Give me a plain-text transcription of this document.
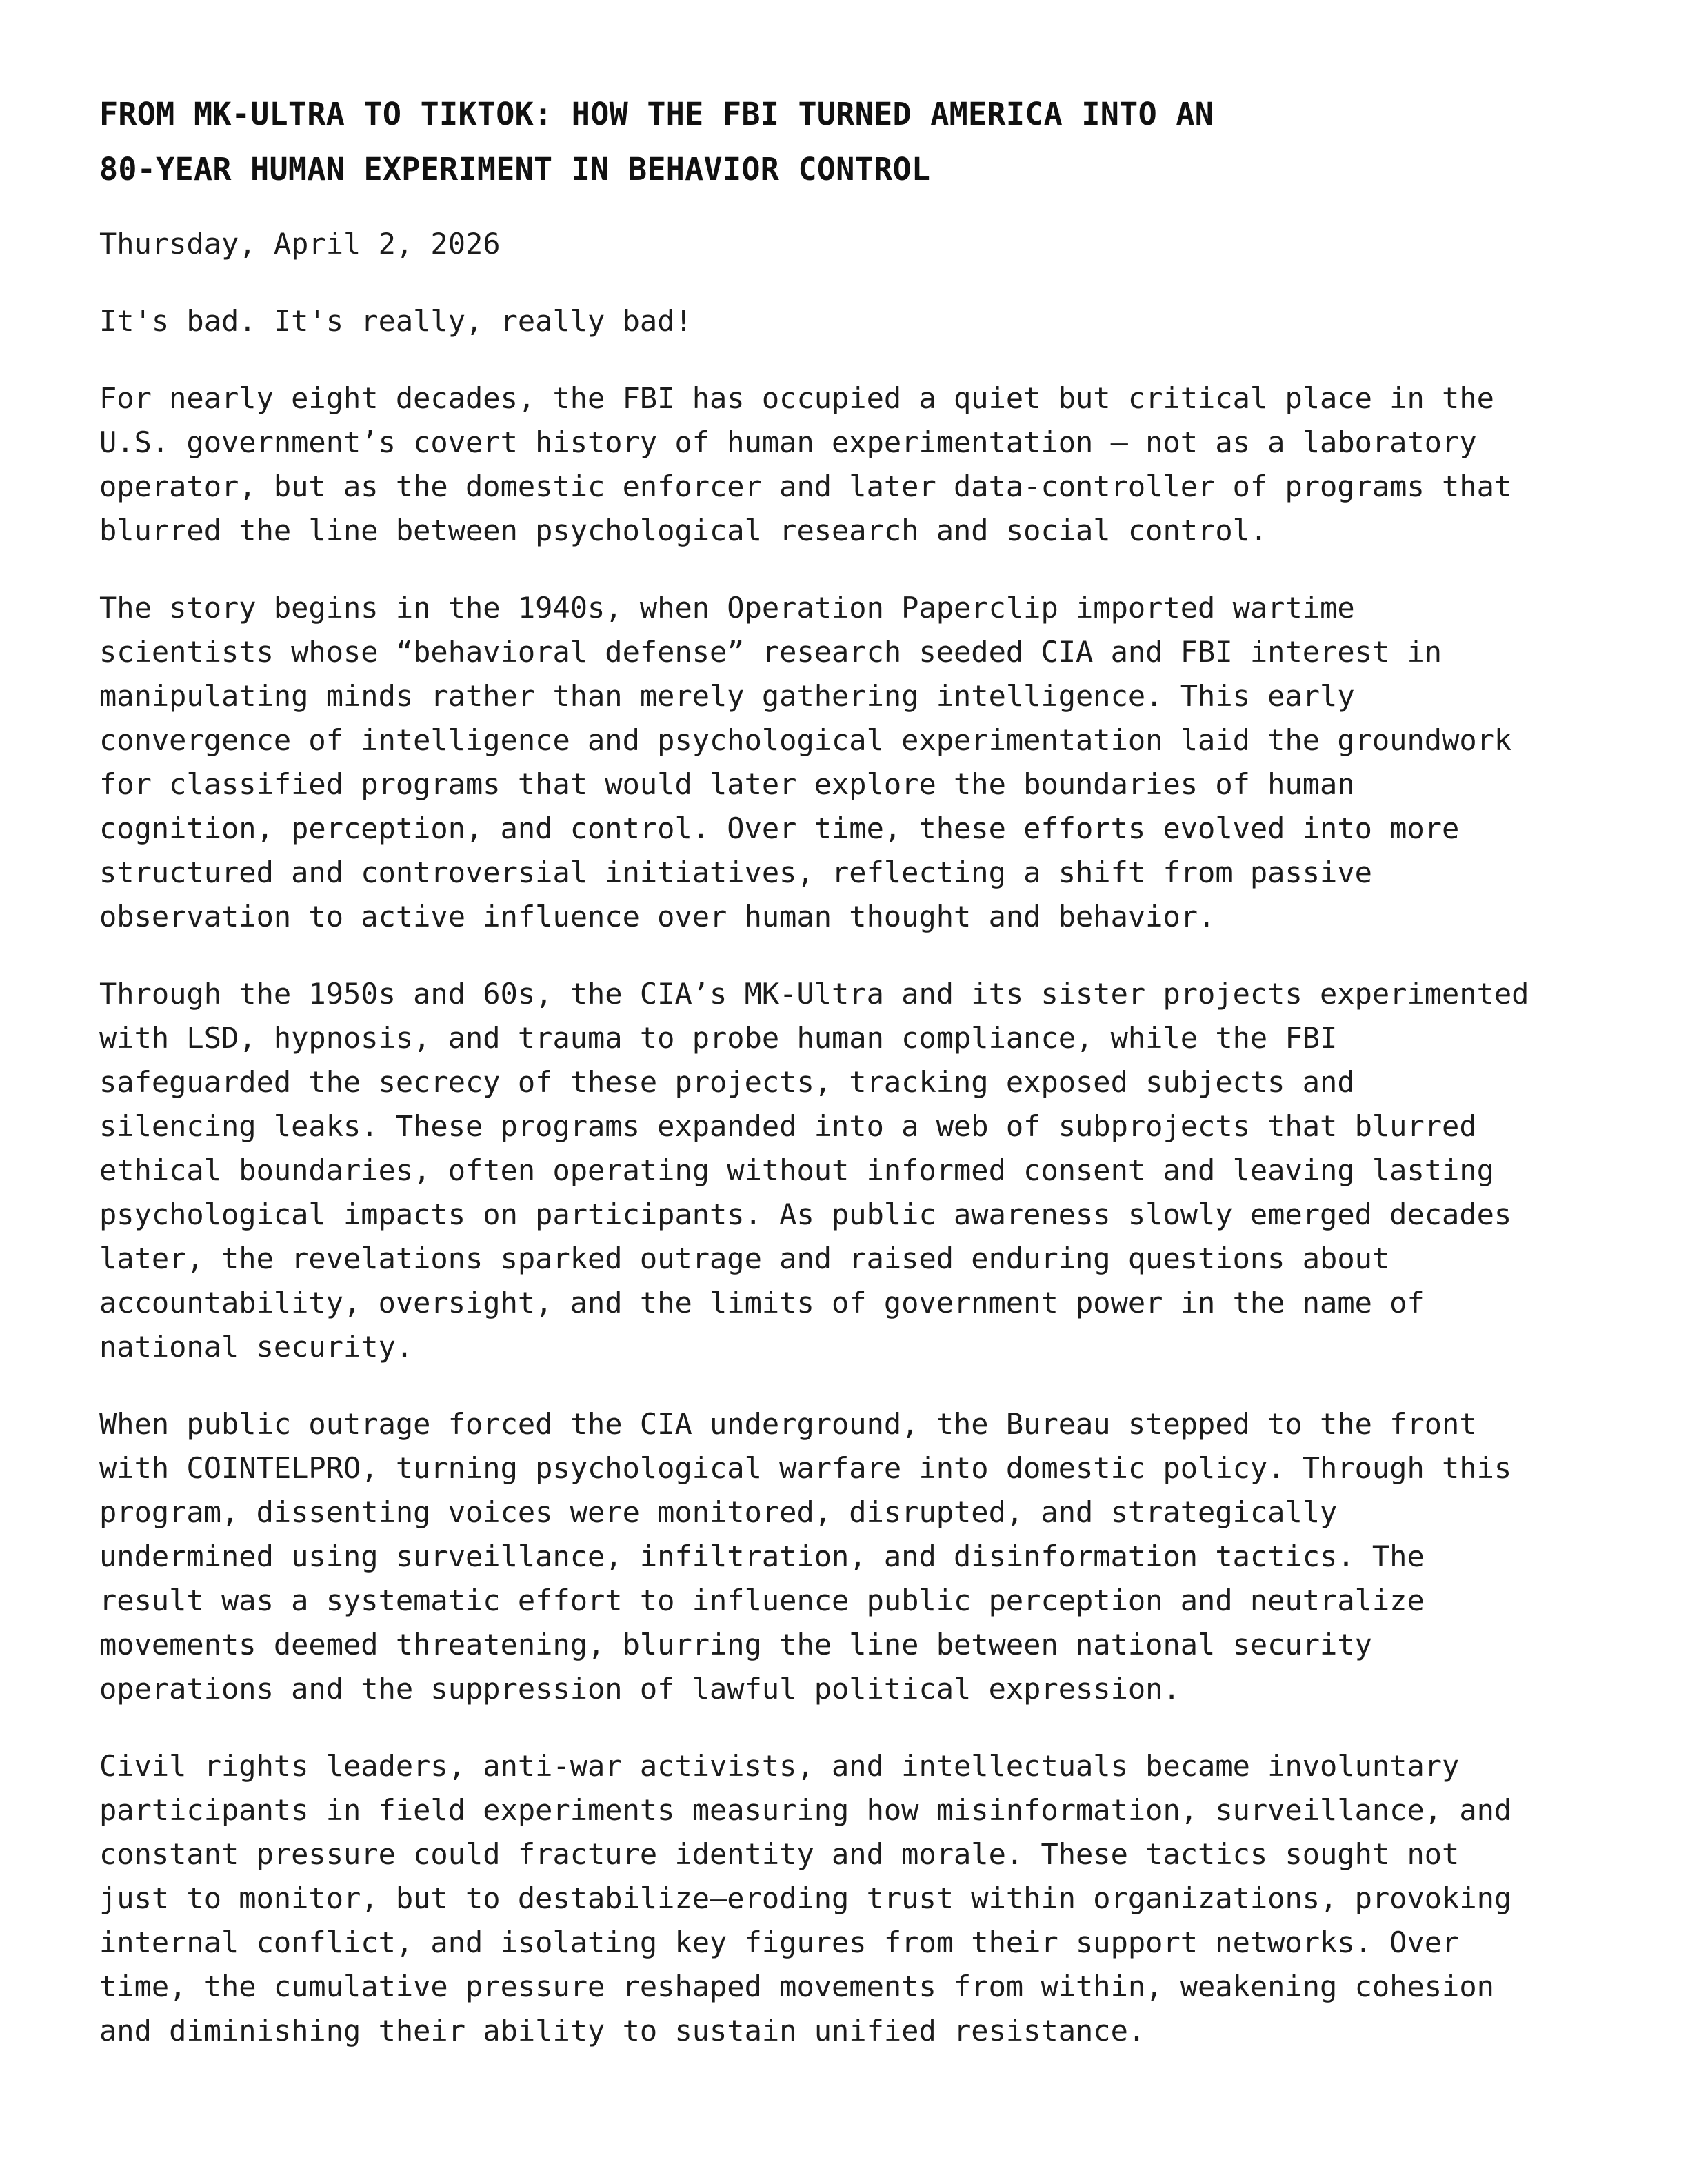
FROM MK-ULTRA TO TIKTOK: HOW THE FBI TURNED AMERICA INTO AN
80-YEAR HUMAN EXPERIMENT IN BEHAVIOR CONTROL

Thursday, April 2, 2026

It's bad. It's really, really bad!

For nearly eight decades, the FBI has occupied a quiet but critical place in the
U.S. government’s covert history of human experimentation — not as a laboratory
operator, but as the domestic enforcer and later data-controller of programs that
blurred the line between psychological research and social control.

The story begins in the 1940s, when Operation Paperclip imported wartime
scientists whose “behavioral defense” research seeded CIA and FBI interest in
manipulating minds rather than merely gathering intelligence. This early
convergence of intelligence and psychological experimentation laid the groundwork
for classified programs that would later explore the boundaries of human
cognition, perception, and control. Over time, these efforts evolved into more
structured and controversial initiatives, reflecting a shift from passive
observation to active influence over human thought and behavior.

Through the 1950s and 60s, the CIA’s MK-Ultra and its sister projects experimented
with LSD, hypnosis, and trauma to probe human compliance, while the FBI
safeguarded the secrecy of these projects, tracking exposed subjects and
silencing leaks. These programs expanded into a web of subprojects that blurred
ethical boundaries, often operating without informed consent and leaving lasting
psychological impacts on participants. As public awareness slowly emerged decades
later, the revelations sparked outrage and raised enduring questions about
accountability, oversight, and the limits of government power in the name of
national security.

When public outrage forced the CIA underground, the Bureau stepped to the front
with COINTELPRO, turning psychological warfare into domestic policy. Through this
program, dissenting voices were monitored, disrupted, and strategically
undermined using surveillance, infiltration, and disinformation tactics. The
result was a systematic effort to influence public perception and neutralize
movements deemed threatening, blurring the line between national security
operations and the suppression of lawful political expression.

Civil rights leaders, anti-war activists, and intellectuals became involuntary
participants in field experiments measuring how misinformation, surveillance, and
constant pressure could fracture identity and morale. These tactics sought not
just to monitor, but to destabilize—eroding trust within organizations, provoking
internal conflict, and isolating key figures from their support networks. Over
time, the cumulative pressure reshaped movements from within, weakening cohesion
and diminishing their ability to sustain unified resistance.
